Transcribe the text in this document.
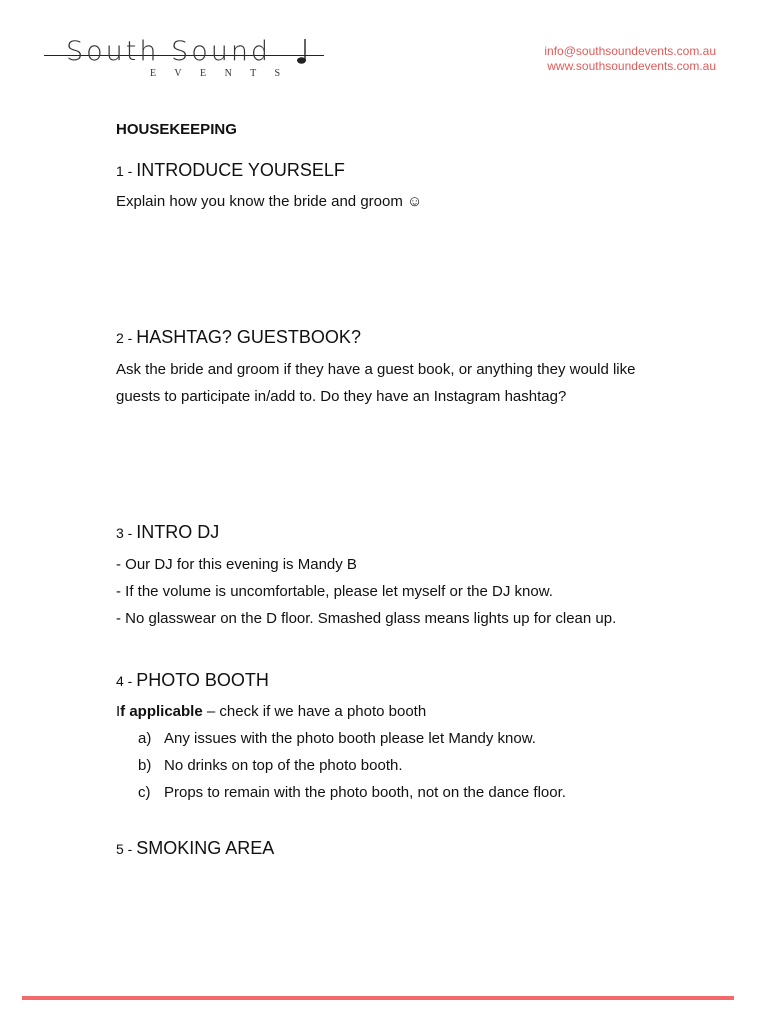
South Sound
E V E N T S
info@southsoundevents.com.au
www.southsoundevents.com.au
HOUSEKEEPING
1 - INTRODUCE YOURSELF
Explain how you know the bride and groom ☺
2 - HASHTAG? GUESTBOOK?
Ask the bride and groom if they have a guest book, or anything they would like
guests to participate in/add to. Do they have an Instagram hashtag?
3 - INTRO DJ
- Our DJ for this evening is Mandy B
- If the volume is uncomfortable, please let myself or the DJ know.
- No glasswear on the D floor. Smashed glass means lights up for clean up.
4 - PHOTO BOOTH
If applicable – check if we have a photo booth
a) Any issues with the photo booth please let Mandy know.
b) No drinks on top of the photo booth.
c) Props to remain with the photo booth, not on the dance floor.
5 - SMOKING AREA
